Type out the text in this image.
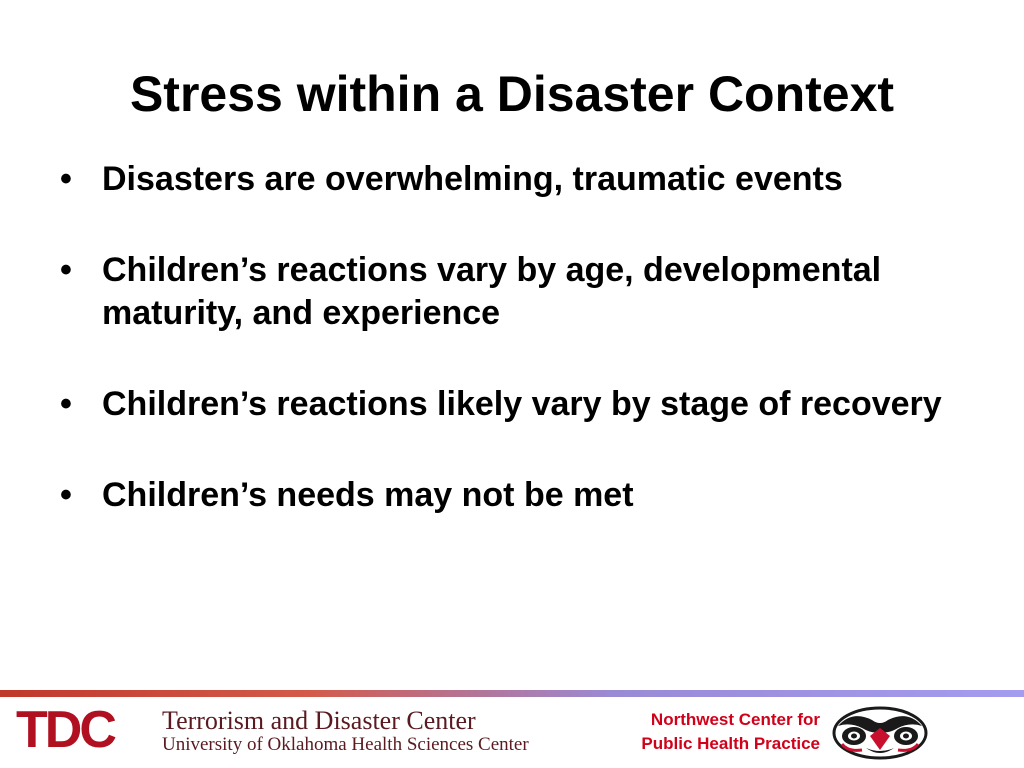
Stress within a Disaster Context
• Disasters are overwhelming, traumatic events
• Children’s reactions vary by age, developmental maturity, and experience
• Children’s reactions likely vary by stage of recovery
• Children’s needs may not be met
TDC Terrorism and Disaster Center
University of Oklahoma Health Sciences Center
Northwest Center for
Public Health Practice
